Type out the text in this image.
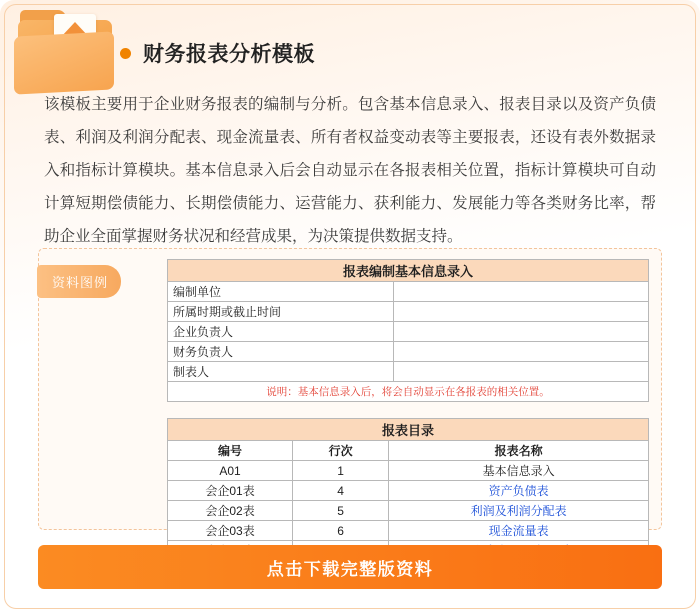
财务报表分析模板
该模板主要用于企业财务报表的编制与分析。包含基本信息录入、报表目录以及资产负债表、利润及利润分配表、现金流量表、所有者权益变动表等主要报表，还设有表外数据录入和指标计算模块。基本信息录入后会自动显示在各报表相关位置，指标计算模块可自动计算短期偿债能力、长期偿债能力、运营能力、获利能力、发展能力等各类财务比率，帮助企业全面掌握财务状况和经营成果，为决策提供数据支持。
资料图例
报表编制基本信息录入	
编制单位	
所属时期或截止时间	
企业负责人	
财务负责人	
制表人	
说明：基本信息录入后，将会自动显示在各报表的相关位置。	
报表目录		
编号	行次	报表名称
A01	1	基本信息录入
会企01表	4	资产负债表
会企02表	5	利润及利润分配表
会企03表	6	现金流量表

点击下载完整版资料
